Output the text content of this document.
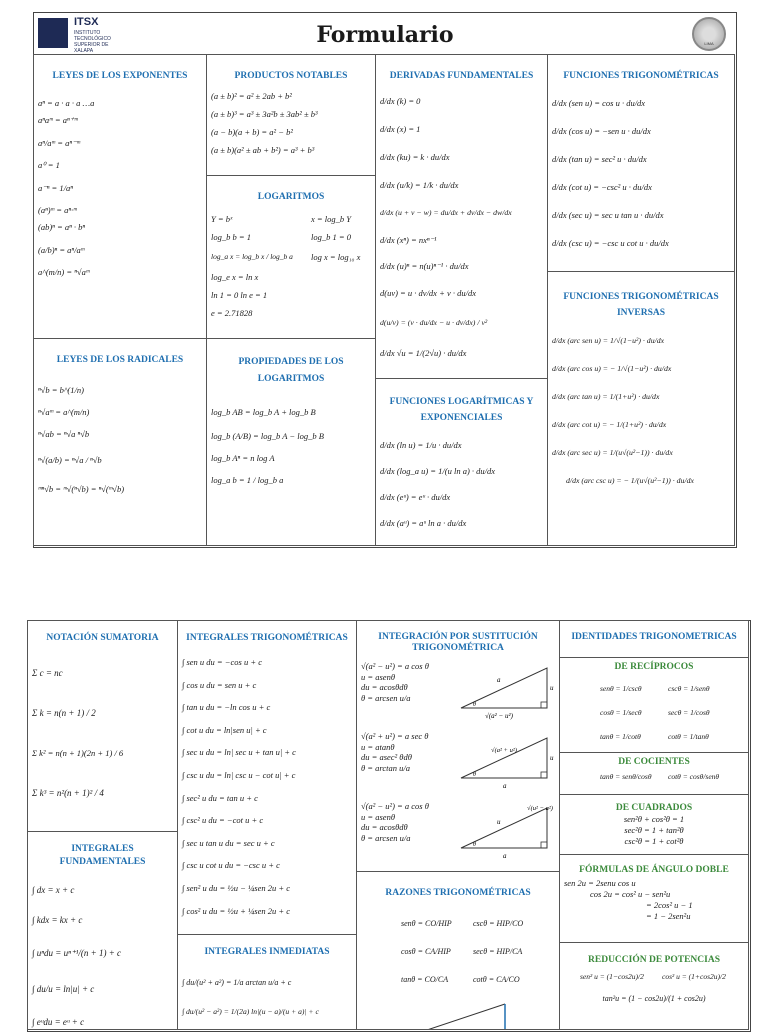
ITSX
INSTITUTO TECNOLÓGICO SUPERIOR DE XALAPA
Formulario	LIMA
LEYES DE LOS EXPONENTES
aⁿ = a · a · a …a
aⁿaᵐ = aⁿ⁺ᵐ
aⁿ/aᵐ = aⁿ⁻ᵐ
a⁰ = 1
a⁻ⁿ = 1/aⁿ
(aⁿ)ᵐ = aⁿ·ᵐ
(ab)ⁿ = aⁿ · bⁿ
(a/b)ⁿ = aⁿ/aᵐ
a^(m/n) = ⁿ√aᵐ
PRODUCTOS NOTABLES
(a ± b)² = a² ± 2ab + b²
(a ± b)³ = a³ ± 3a²b ± 3ab² ± b³
(a − b)(a + b) = a² − b²
(a ± b)(a² ± ab + b²) = a³ + b³
LOGARITMOS
Y = bˣ
log_b b = 1
log_a x = log_b x / log_b a
log_e x = ln x
ln 1 = 0 ln e = 1
e = 2.71828
x = log_b Y
log_b 1 = 0
log x = log₁₀ x
DERIVADAS FUNDAMENTALES
d/dx (k) = 0
d/dx (x) = 1
d/dx (ku) = k · du/dx
d/dx (u/k) = 1/k · du/dx
d/dx (u + v − w) = du/dx + dv/dx − dw/dx
d/dx (xⁿ) = nxⁿ⁻¹
d/dx (u)ⁿ = n(u)ⁿ⁻¹ · du/dx
d(uv) = u · dv/dx + v · du/dx
d(u/v) = (v · du/dx − u · dv/dx) / v²
d/dx √u = 1/(2√u) · du/dx
FUNCIONES TRIGONOMÉTRICAS
d/dx (sen u) = cos u · du/dx
d/dx (cos u) = −sen u · du/dx
d/dx (tan u) = sec² u · du/dx
d/dx (cot u) = −csc² u · du/dx
d/dx (sec u) = sec u tan u · du/dx
d/dx (csc u) = −csc u cot u · du/dx
FUNCIONES TRIGONOMÉTRICAS INVERSAS
d/dx (arc sen u) = 1/√(1−u²) · du/dx
d/dx (arc cos u) = − 1/√(1−u²) · du/dx
d/dx (arc tan u) = 1/(1+u²) · du/dx
d/dx (arc cot u) = − 1/(1+u²) · du/dx
d/dx (arc sec u) = 1/(u√(u²−1)) · du/dx
d/dx (arc csc u) = − 1/(u√(u²−1)) · du/dx
LEYES DE LOS RADICALES
ⁿ√b = b^(1/n)
ⁿ√aᵐ = a^(m/n)
ⁿ√ab = ⁿ√a ⁿ√b
ⁿ√(a/b) = ⁿ√a / ⁿ√b
ᵐⁿ√b = ᵐ√(ⁿ√b) = ⁿ√(ᵐ√b)
PROPIEDADES DE LOS LOGARITMOS
log_b AB = log_b A + log_b B
log_b (A/B) = log_b A − log_b B
log_b Aⁿ = n log A
log_a b = 1 / log_b a
FUNCIONES LOGARÍTMICAS Y EXPONENCIALES
d/dx (ln u) = 1/u · du/dx
d/dx (log_a u) = 1/(u ln a) · du/dx
d/dx (eᵘ) = eᵘ · du/dx
d/dx (aᵘ) = aᵘ ln a · du/dx
NOTACIÓN SUMATORIA
Σ c = nc
Σ k = n(n + 1) / 2
Σ k² = n(n + 1)(2n + 1) / 6
Σ k³ = n²(n + 1)² / 4
INTEGRALES FUNDAMENTALES
∫ dx = x + c
∫ kdx = kx + c
∫ uⁿdu = uⁿ⁺¹/(n + 1) + c
∫ du/u = ln|u| + c
∫ eᵘdu = eᵘ + c
INTEGRALES TRIGONOMÉTRICAS
∫ sen u du = −cos u + c
∫ cos u du = sen u + c
∫ tan u du = −ln cos u + c
∫ cot u du = ln|sen u| + c
∫ sec u du = ln| sec u + tan u| + c
∫ csc u du = ln| csc u − cot u| + c
∫ sec² u du = tan u + c
∫ csc² u du = −cot u + c
∫ sec u tan u du = sec u + c
∫ csc u cot u du = −csc u + c
∫ sen² u du = ½u − ¼sen 2u + c
∫ cos² u du = ½u + ¼sen 2u + c
INTEGRALES INMEDIATAS
∫ du/(u² + a²) = 1/a arctan u/a + c
∫ du/(u² − a²) = 1/(2a) ln|(u − a)/(u + a)| + c
INTEGRACIÓN POR SUSTITUCIÓN TRIGONOMÉTRICA
√(a² − u²) = a cos θ
u = asenθ
du = acosθdθ
θ = arcsen u/a
a
u
√(a² − u²)
θ
√(a² + u²) = a sec θ
u = atanθ
du = asec² θdθ
θ = arctan u/a
√(a² + u²)
u
a
θ
√(a² − u²) = a cos θ
u = asenθ
du = acosθdθ
θ = arcsen u/a
u
√(u² − a²)
a
θ
RAZONES TRIGONOMÉTRICAS
senθ = CO/HIP
cosθ = CA/HIP
tanθ = CO/CA
cscθ = HIP/CO
secθ = HIP/CA
cotθ = CA/CO
IDENTIDADES TRIGONOMETRICAS
DE RECÍPROCOS
senθ = 1/cscθ
cosθ = 1/secθ
tanθ = 1/cotθ
cscθ = 1/senθ
secθ = 1/cosθ
cotθ = 1/tanθ
DE COCIENTES
tanθ = senθ/cosθ cotθ = cosθ/senθ
DE CUADRADOS
sen²θ + cos²θ = 1
sec²θ = 1 + tan²θ
csc²θ = 1 + cot²θ
FÓRMULAS DE ÁNGULO DOBLE
sen 2u = 2senu cos u
cos 2u = cos² u − sen²u
= 2cos² u − 1
= 1 − 2sen²u
REDUCCIÓN DE POTENCIAS
sen² u = (1−cos2u)/2 cos² u = (1+cos2u)/2
tan²u = (1 − cos2u)/(1 + cos2u)
